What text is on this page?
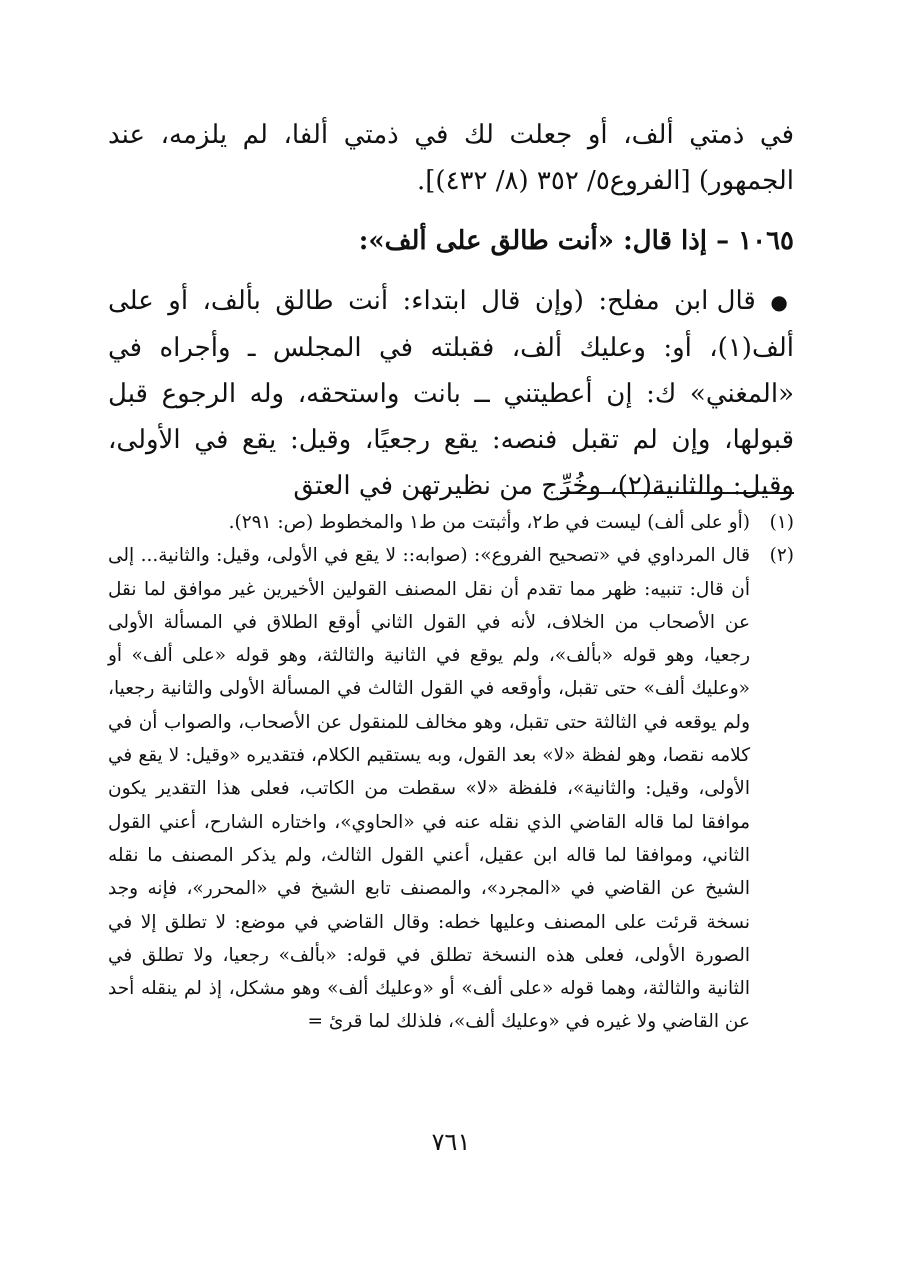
في ذمتي ألف، أو جعلت لك في ذمتي ألفا، لم يلزمه، عند الجمهور) [الفروع٥/ ٣٥٢ (٨/ ٤٣٢)].

١٠٦٥ – إذا قال: «أنت طالق على ألف»:

● قال ابن مفلح: (وإن قال ابتداء: أنت طالق بألف، أو على ألف(١)، أو: وعليك ألف، فقبلته في المجلس ـ وأجراه في «المغني» ك: إن أعطيتني ــ بانت واستحقه، وله الرجوع قبل قبولها، وإن لم تقبل فنصه: يقع رجعيًا، وقيل: يقع في الأولى، وقيل: والثانية(٢)، وخُرِّج من نظيرتهن في العتق

(١)
(أو على ألف) ليست في ط٢، وأثبتت من ط١ والمخطوط (ص: ٢٩١).

(٢)
قال المرداوي في «تصحيح الفروع»: (صوابه:: لا يقع في الأولى، وقيل: والثانية... إلى أن قال: تنبيه: ظهر مما تقدم أن نقل المصنف القولين الأخيرين غير موافق لما نقل عن الأصحاب من الخلاف، لأنه في القول الثاني أوقع الطلاق في المسألة الأولى رجعيا، وهو قوله «بألف»، ولم يوقع في الثانية والثالثة، وهو قوله «على ألف» أو «وعليك ألف» حتى تقبل، وأوقعه في القول الثالث في المسألة الأولى والثانية رجعيا، ولم يوقعه في الثالثة حتى تقبل، وهو مخالف للمنقول عن الأصحاب، والصواب أن في كلامه نقصا، وهو لفظة «لا» بعد القول، وبه يستقيم الكلام، فتقديره «وقيل: لا يقع في الأولى، وقيل: والثانية»، فلفظة «لا» سقطت من الكاتب، فعلى هذا التقدير يكون موافقا لما قاله القاضي الذي نقله عنه في «الحاوي»، واختاره الشارح، أعني القول الثاني، وموافقا لما قاله ابن عقيل، أعني القول الثالث، ولم يذكر المصنف ما نقله الشيخ عن القاضي في «المجرد»، والمصنف تابع الشيخ في «المحرر»، فإنه وجد نسخة قرئت على المصنف وعليها خطه: وقال القاضي في موضع: لا تطلق إلا في الصورة الأولى، فعلى هذه النسخة تطلق في قوله: «بألف» رجعيا، ولا تطلق في الثانية والثالثة، وهما قوله «على ألف» أو «وعليك ألف» وهو مشكل، إذ لم ينقله أحد عن القاضي ولا غيره في «وعليك ألف»، فلذلك لما قرئ =

٧٦١
